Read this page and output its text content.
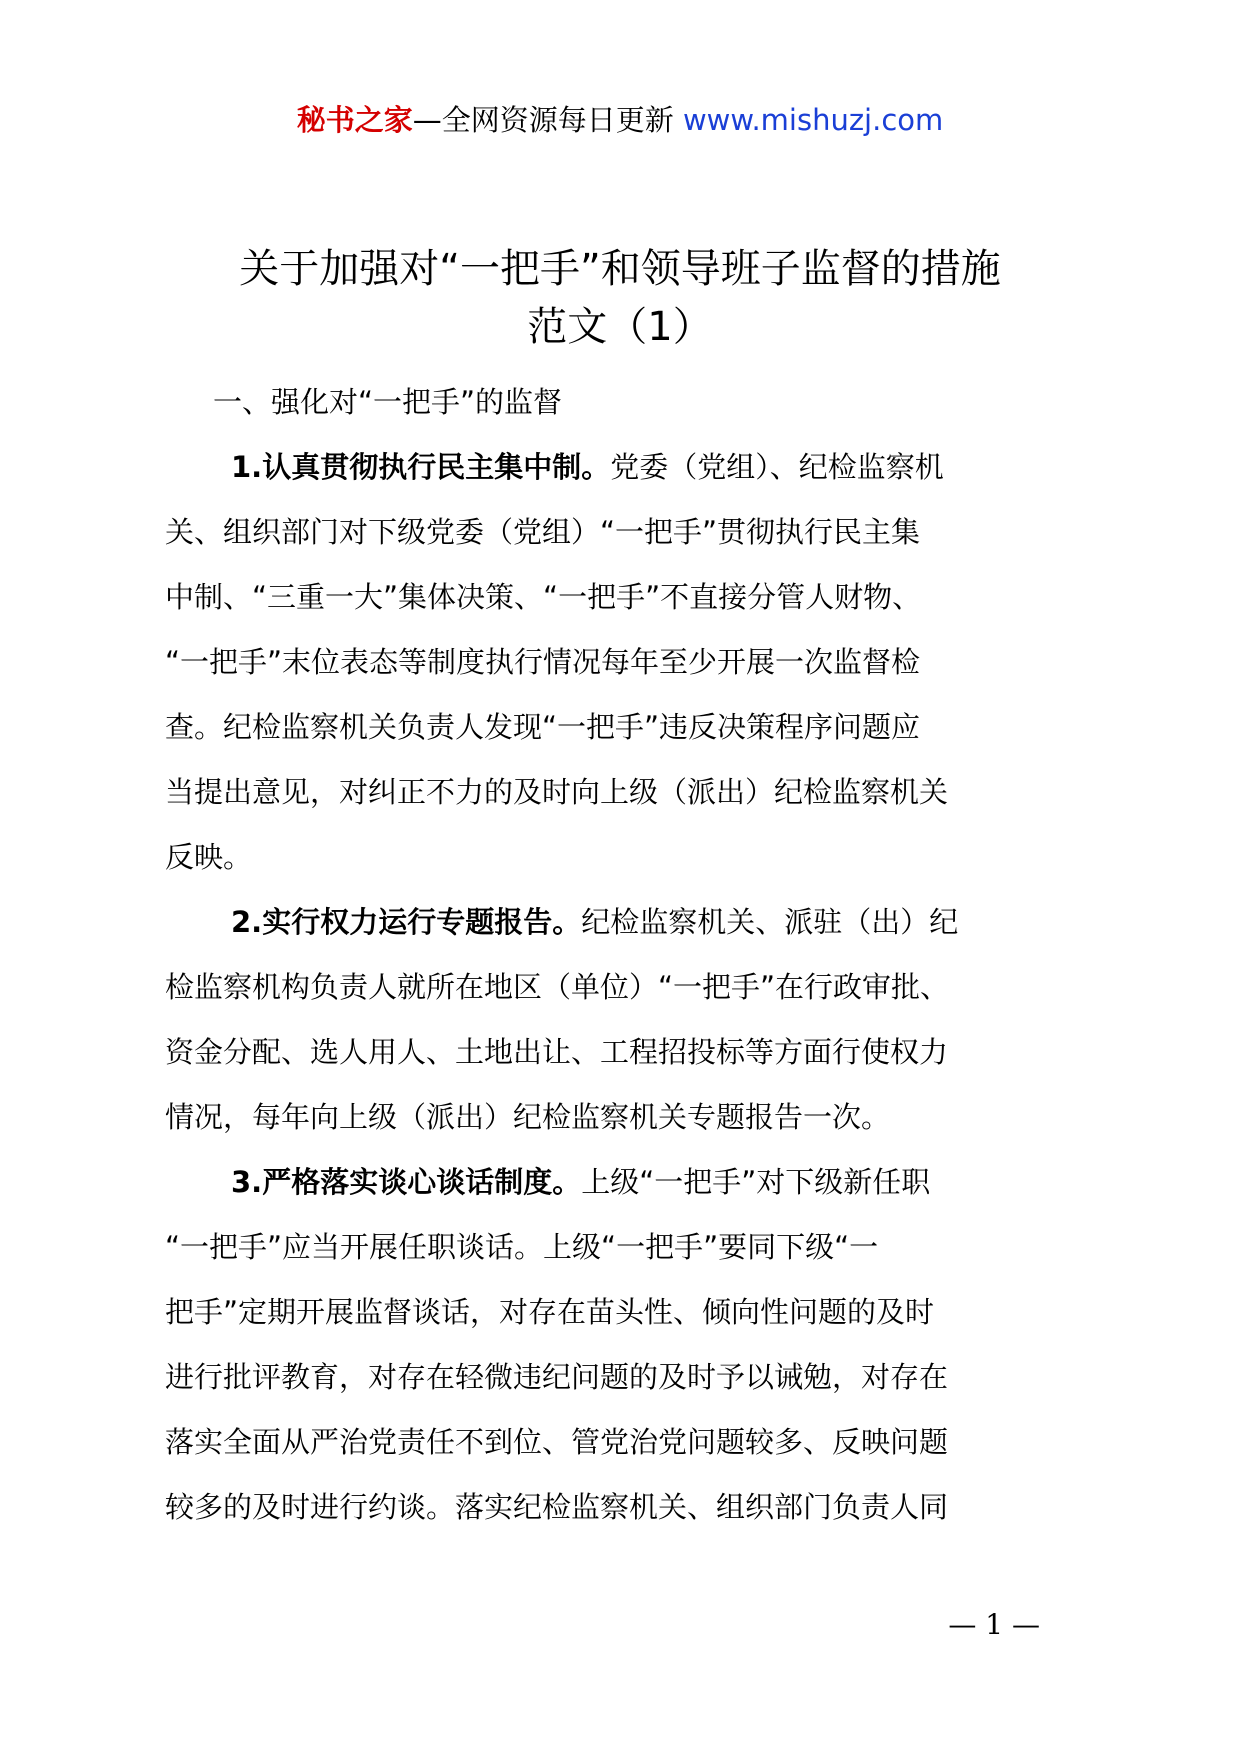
秘书之家—全网资源每日更新 www.mishuzj.com
关于加强对“一把手”和领导班子监督的措施
范文（1）
一、强化对“一把手”的监督
1.认真贯彻执行民主集中制。党委（党组）、纪检监察机
关、组织部门对下级党委（党组）“一把手”贯彻执行民主集
中制、“三重一大”集体决策、“一把手”不直接分管人财物、
“一把手”末位表态等制度执行情况每年至少开展一次监督检
查。纪检监察机关负责人发现“一把手”违反决策程序问题应
当提出意见，对纠正不力的及时向上级（派出）纪检监察机关
反映。
2.实行权力运行专题报告。纪检监察机关、派驻（出）纪
检监察机构负责人就所在地区（单位）“一把手”在行政审批、
资金分配、选人用人、土地出让、工程招投标等方面行使权力
情况，每年向上级（派出）纪检监察机关专题报告一次。
3.严格落实谈心谈话制度。上级“一把手”对下级新任职
“一把手”应当开展任职谈话。上级“一把手”要同下级“一
把手”定期开展监督谈话，对存在苗头性、倾向性问题的及时
进行批评教育，对存在轻微违纪问题的及时予以诫勉，对存在
落实全面从严治党责任不到位、管党治党问题较多、反映问题
较多的及时进行约谈。落实纪检监察机关、组织部门负责人同
— 1 —
